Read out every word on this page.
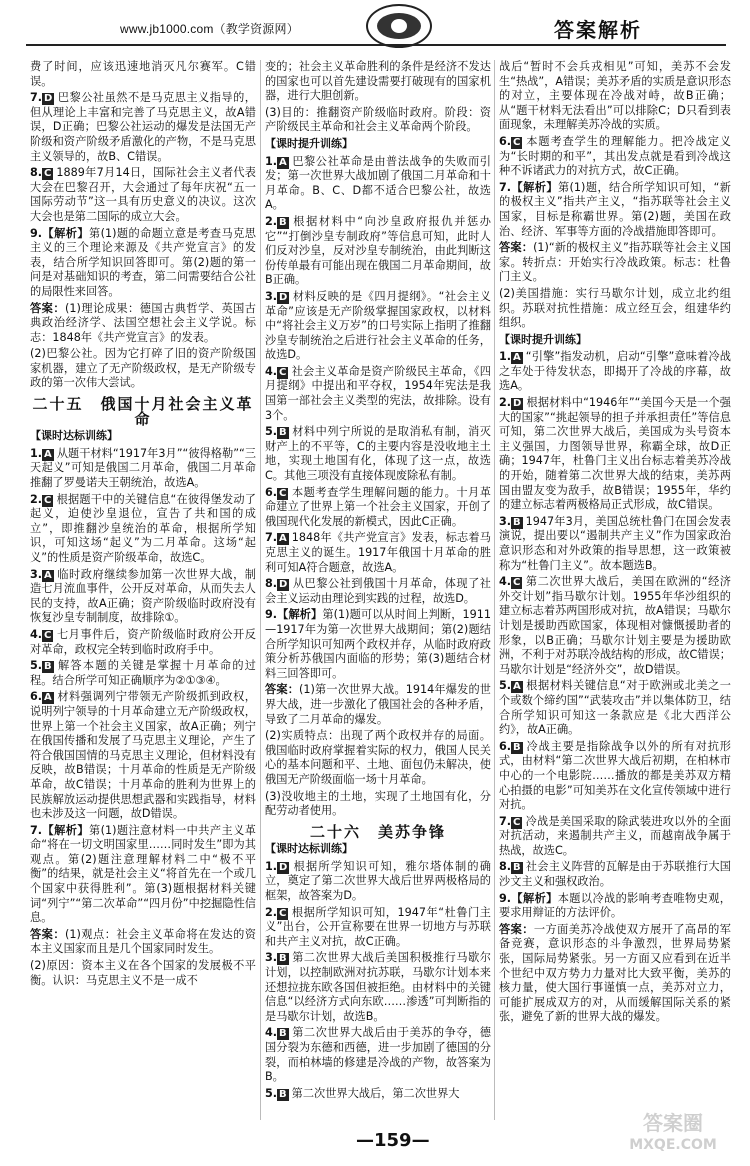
www.jb1000.com（教学资源网）	答案解析

费了时间，应该迅速地消灭凡尔赛军。C错误。

7. D 巴黎公社虽然不是马克思主义指导的，但从理论上丰富和完善了马克思主义，故A错误，D正确；巴黎公社运动的爆发是法国无产阶级和资产阶级矛盾激化的产物，不是马克思主义领导的，故B、C错误。

8. C 1889年7月14日，国际社会主义者代表大会在巴黎召开，大会通过了每年庆祝“五一国际劳动节”这一具有历史意义的决议。这次大会也是第二国际的成立大会。

9.【解析】第(1)题的命题立意是考查马克思主义的三个理论来源及《共产党宣言》的发表，结合所学知识回答即可。第(2)题的第一问是对基础知识的考查，第二问需要结合公社的局限性来回答。

答案：(1)理论成果：德国古典哲学、英国古典政治经济学、法国空想社会主义学说。标志：1848年《共产党宣言》的发表。

(2)巴黎公社。因为它打碎了旧的资产阶级国家机器，建立了无产阶级政权，是无产阶级专政的第一次伟大尝试。

二十五　俄国十月社会主义革命
【课时达标训练】

1. A 从题干材料“1917年3月”“彼得格勒”“三天起义”可知是俄国二月革命，俄国二月革命推翻了罗曼诺夫王朝统治，故选A。

2. C 根据题干中的关键信息“在彼得堡发动了起义，迫使沙皇退位，宣告了共和国的成立”，即推翻沙皇统治的革命，根据所学知识，可知这场“起义”为二月革命。这场“起义”的性质是资产阶级革命，故选C。

3. A 临时政府继续参加第一次世界大战，制造七月流血事件，公开反对革命，从而失去人民的支持，故A正确；资产阶级临时政府没有恢复沙皇专制制度，故排除①。

4. C 七月事件后，资产阶级临时政府公开反对革命，政权完全转到临时政府手中。

5. B 解答本题的关键是掌握十月革命的过程。结合所学可知正确顺序为②①③④。

6. A 材料强调列宁带领无产阶级抓到政权，说明列宁领导的十月革命建立无产阶级政权，世界上第一个社会主义国家，故A正确；列宁在俄国传播和发展了马克思主义理论，产生了符合俄国国情的马克思主义理论，但材料没有反映，故B错误；十月革命的性质是无产阶级革命，故C错误；十月革命的胜利为世界上的民族解放运动提供思想武器和实践指导，材料也未涉及这一问题，故D错误。

7.【解析】第(1)题注意材料一中共产主义革命“将在一切文明国家里……同时发生”即为其观点。第(2)题注意理解材料二中“极不平衡”的结果，就是社会主义“将首先在一个或几个国家中获得胜利”。第(3)题根据材料关键词“列宁”“第二次革命”“四月份”中挖掘隐性信息。

答案：(1)观点：社会主义革命将在发达的资本主义国家而且是几个国家同时发生。

(2)原因：资本主义在各个国家的发展极不平衡。认识：马克思主义不是一成不

变的；社会主义革命胜利的条件是经济不发达的国家也可以首先建设需要打破现有的国家机器，进行大胆创新。

(3)目的：推翻资产阶级临时政府。阶段：资产阶级民主革命和社会主义革命两个阶段。

【课时提升训练】

1. A 巴黎公社革命是由普法战争的失败而引发；第一次世界大战加剧了俄国二月革命和十月革命。B、C、D都不适合巴黎公社，故选A。

2. B 根据材料中“向沙皇政府报仇并惩办它”“打倒沙皇专制政府”等信息可知，此时人们反对沙皇，反对沙皇专制统治，由此判断这份传单最有可能出现在俄国二月革命期间，故B正确。

3. D 材料反映的是《四月提纲》。“社会主义革命”应该是无产阶级掌握国家政权，以材料中“将社会主义万岁”的口号实际上指明了推翻沙皇专制统治之后进行社会主义革命的任务，故选D。

4. C 社会主义革命是资产阶级民主革命，《四月提纲》中提出和平夺权，1954年宪法是我国第一部社会主义类型的宪法，故排除。设有3个。

5. B 材料中列宁所说的是取消私有制，消灭财产上的不平等，C的主要内容是没收地主土地，实现土地国有化，体现了这一点，故选C。其他三项没有直接体现废除私有制。

6. C 本题考查学生理解问题的能力。十月革命建立了世界上第一个社会主义国家，开创了俄国现代化发展的新模式，因此C正确。

7. A 1848年《共产党宣言》发表，标志着马克思主义的诞生。1917年俄国十月革命的胜利可知A符合题意，故选A。

8. D 从巴黎公社到俄国十月革命，体现了社会主义运动由理论到实践的过程，故选D。

9.【解析】第(1)题可以从时间上判断，1911—1917年为第一次世界大战期间；第(2)题结合所学知识可知两个政权并存，从临时政府政策分析苏俄国内面临的形势；第(3)题结合材料三回答即可。

答案：(1)第一次世界大战。1914年爆发的世界大战，进一步激化了俄国社会的各种矛盾，导致了二月革命的爆发。

(2)实质特点：出现了两个政权并存的局面。俄国临时政府掌握着实际的权力，俄国人民关心的基本问题和平、土地、面包仍未解决，使俄国无产阶级面临一场十月革命。

(3)没收地主的土地，实现了土地国有化，分配劳动者使用。

二十六　美苏争锋
【课时达标训练】

1. D 根据所学知识可知，雅尔塔体制的确立，奠定了第二次世界大战后世界两极格局的框架，故答案为D。

2. C 根据所学知识可知，1947年“杜鲁门主义”出台，公开宣称要在世界一切地方与苏联和共产主义对抗，故C正确。

3. B 第二次世界大战后美国积极推行马歇尔计划，以控制欧洲对抗苏联，马歇尔计划本来还想拉拢东欧各国但被拒绝。由材料中的关键信息“以经济方式向东欧……渗透”可判断指的是马歇尔计划，故选B。

4. B 第二次世界大战后由于美苏的争夺，德国分裂为东德和西德，进一步加剧了德国的分裂，而柏林墙的修建是冷战的产物，故答案为B。

5. B 第二次世界大战后，第二次世界大

战后“暂时不会兵戎相见”可知，美苏不会发生“热战”，A错误；美苏矛盾的实质是意识形态的对立，主要体现在冷战对峙，故B正确；从“题干材料无法看出”可以排除C；D只看到表面现象，未理解美苏冷战的实质。

6. C 本题考查学生的理解能力。把冷战定义为“长时期的和平”，其出发点就是看到冷战这种不诉诸武力的对抗方式，故C正确。

7.【解析】第(1)题，结合所学知识可知，“新的极权主义”指共产主义，“指苏联等社会主义国家，目标是称霸世界。第(2)题，美国在政治、经济、军事等方面的冷战措施即答即可。

答案：(1)“新的极权主义”指苏联等社会主义国家。转折点：开始实行冷战政策。标志：杜鲁门主义。

(2)美国措施：实行马歇尔计划，成立北约组织。苏联对抗性措施：成立经互会，组建华约组织。

【课时提升训练】

1. A “引擎”指发动机，启动“引擎”意味着冷战之车处于待发状态，即揭开了冷战的序幕，故选A。

2. D 根据材料中“1946年”“美国今天是一个强大的国家”“挑起领导的担子并承担责任”等信息可知，第二次世界大战后，美国成为头号资本主义强国，力图领导世界，称霸全球，故D正确；1947年，杜鲁门主义出台标志着美苏冷战的开始，随着第二次世界大战的结束，美苏两国由盟友变为敌手，故B错误；1955年，华约的建立标志着两极格局正式形成，故C错误。

3. B 1947年3月，美国总统杜鲁门在国会发表演说，提出要以“遏制共产主义”作为国家政治意识形态和对外政策的指导思想，这一政策被称为“杜鲁门主义”。故本题选B。

4. C 第二次世界大战后，美国在欧洲的“经济外交计划”指马歇尔计划。1955年华沙组织的建立标志着苏两国形成对抗，故A错误；马歇尔计划是援助西欧国家，体现相对慷慨援助者的形象，以B正确；马歇尔计划主要是为援助欧洲，不利于对苏联冷战结构的形成，故C错误；马歇尔计划是“经济外交”，故D错误。

5. A 根据材料关键信息“对于欧洲或北美之一个或数个缔约国”“武装攻击”并以集体防卫，结合所学知识可知这一条款应是《北大西洋公约》，故A正确。

6. B 冷战主要是指除战争以外的所有对抗形式，由材料“第二次世界大战后初期，在柏林市中心的一个电影院……播放的都是美苏双方精心拍摄的电影”可知美苏在文化宣传领域中进行对抗。

7. C 冷战是美国采取的除武装进攻以外的全面对抗活动，来遏制共产主义，而越南战争属于热战，故选C。

8. B 社会主义阵营的瓦解是由于苏联推行大国沙文主义和强权政治。

9.【解析】本题以冷战的影响考查唯物史观，要求用辩证的方法评价。

答案：一方面美苏冷战使双方展开了高昂的军备竞赛，意识形态的斗争激烈，世界局势紧张，国际局势紧张。另一方面又应看到在近半个世纪中双方势力力量对比大致平衡，美苏的核力量，使大国行事谨慎一点，美苏对立力，可能扩展成双方的对，从而缓解国际关系的紧张，避免了新的世界大战的爆发。

—159—
答案圈
MXQE.COM
